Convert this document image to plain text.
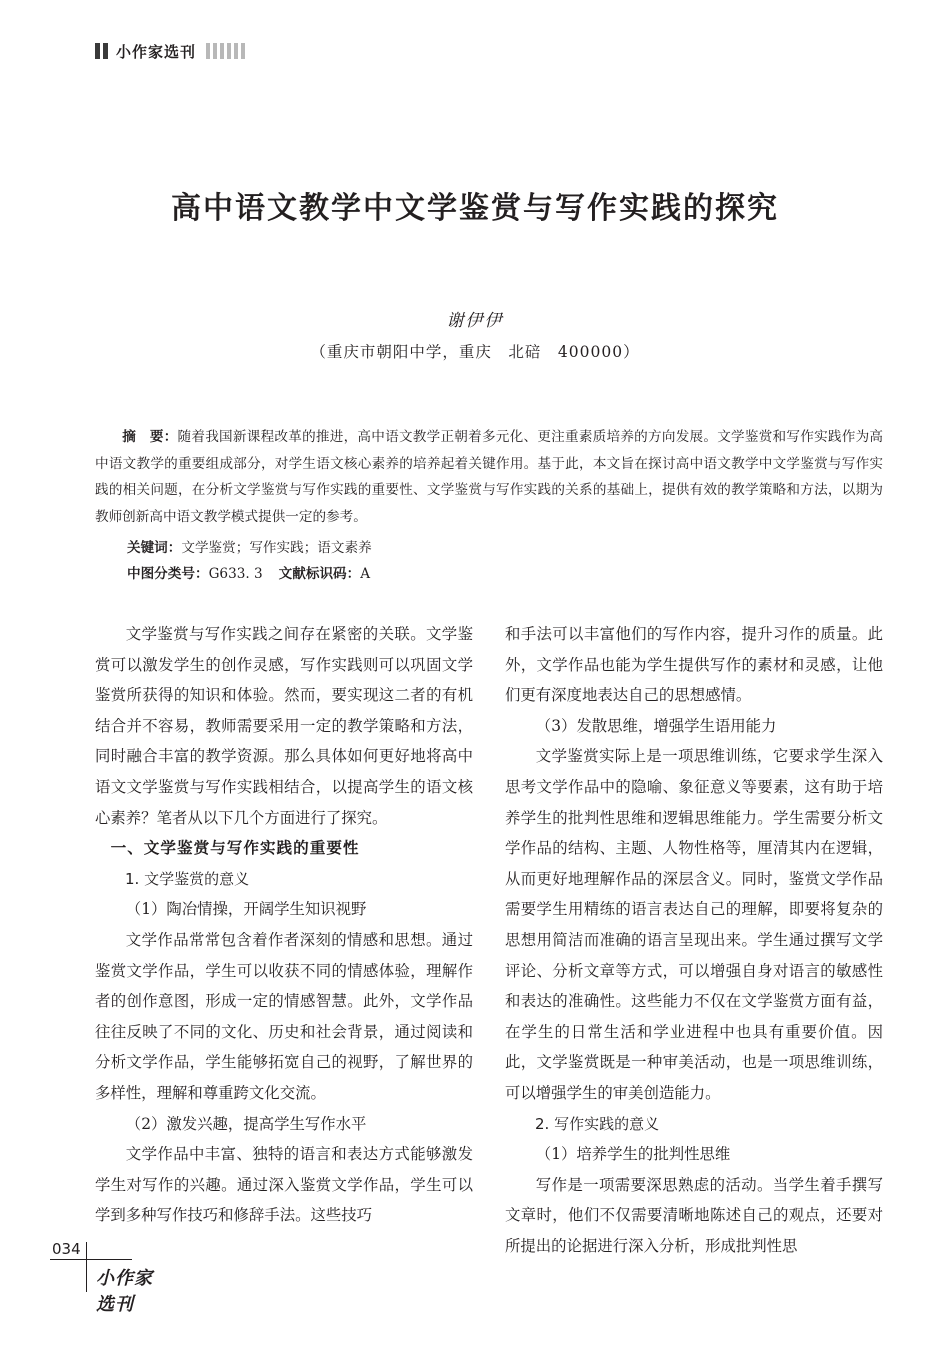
小作家选刊
高中语文教学中文学鉴赏与写作实践的探究
谢伊伊
（重庆市朝阳中学，重庆　北碚　400000）

摘　要：随着我国新课程改革的推进，高中语文教学正朝着多元化、更注重素质培养的方向发展。文学鉴赏和写作实践作为高中语文教学的重要组成部分，对学生语文核心素养的培养起着关键作用。基于此，本文旨在探讨高中语文教学中文学鉴赏与写作实践的相关问题，在分析文学鉴赏与写作实践的重要性、文学鉴赏与写作实践的关系的基础上，提供有效的教学策略和方法，以期为教师创新高中语文教学模式提供一定的参考。

关键词：文学鉴赏；写作实践；语文素养
中图分类号：G633. 3 文献标识码：A

文学鉴赏与写作实践之间存在紧密的关联。文学鉴赏可以激发学生的创作灵感，写作实践则可以巩固文学鉴赏所获得的知识和体验。然而，要实现这二者的有机结合并不容易，教师需要采用一定的教学策略和方法，同时融合丰富的教学资源。那么具体如何更好地将高中语文文学鉴赏与写作实践相结合，以提高学生的语文核心素养？笔者从以下几个方面进行了探究。

一、文学鉴赏与写作实践的重要性

1. 文学鉴赏的意义

（1）陶冶情操，开阔学生知识视野

文学作品常常包含着作者深刻的情感和思想。通过鉴赏文学作品，学生可以收获不同的情感体验，理解作者的创作意图，形成一定的情感智慧。此外，文学作品往往反映了不同的文化、历史和社会背景，通过阅读和分析文学作品，学生能够拓宽自己的视野，了解世界的多样性，理解和尊重跨文化交流。

（2）激发兴趣，提高学生写作水平

文学作品中丰富、独特的语言和表达方式能够激发学生对写作的兴趣。通过深入鉴赏文学作品，学生可以学到多种写作技巧和修辞手法。这些技巧

和手法可以丰富他们的写作内容，提升习作的质量。此外，文学作品也能为学生提供写作的素材和灵感，让他们更有深度地表达自己的思想感情。

（3）发散思维，增强学生语用能力

文学鉴赏实际上是一项思维训练，它要求学生深入思考文学作品中的隐喻、象征意义等要素，这有助于培养学生的批判性思维和逻辑思维能力。学生需要分析文学作品的结构、主题、人物性格等，厘清其内在逻辑，从而更好地理解作品的深层含义。同时，鉴赏文学作品需要学生用精练的语言表达自己的理解，即要将复杂的思想用简洁而准确的语言呈现出来。学生通过撰写文学评论、分析文章等方式，可以增强自身对语言的敏感性和表达的准确性。这些能力不仅在文学鉴赏方面有益，在学生的日常生活和学业进程中也具有重要价值。因此，文学鉴赏既是一种审美活动，也是一项思维训练，可以增强学生的审美创造能力。

2. 写作实践的意义

（1）培养学生的批判性思维

写作是一项需要深思熟虑的活动。当学生着手撰写文章时，他们不仅需要清晰地陈述自己的观点，还要对所提出的论据进行深入分析，形成批判性思

034
小作家选刊
